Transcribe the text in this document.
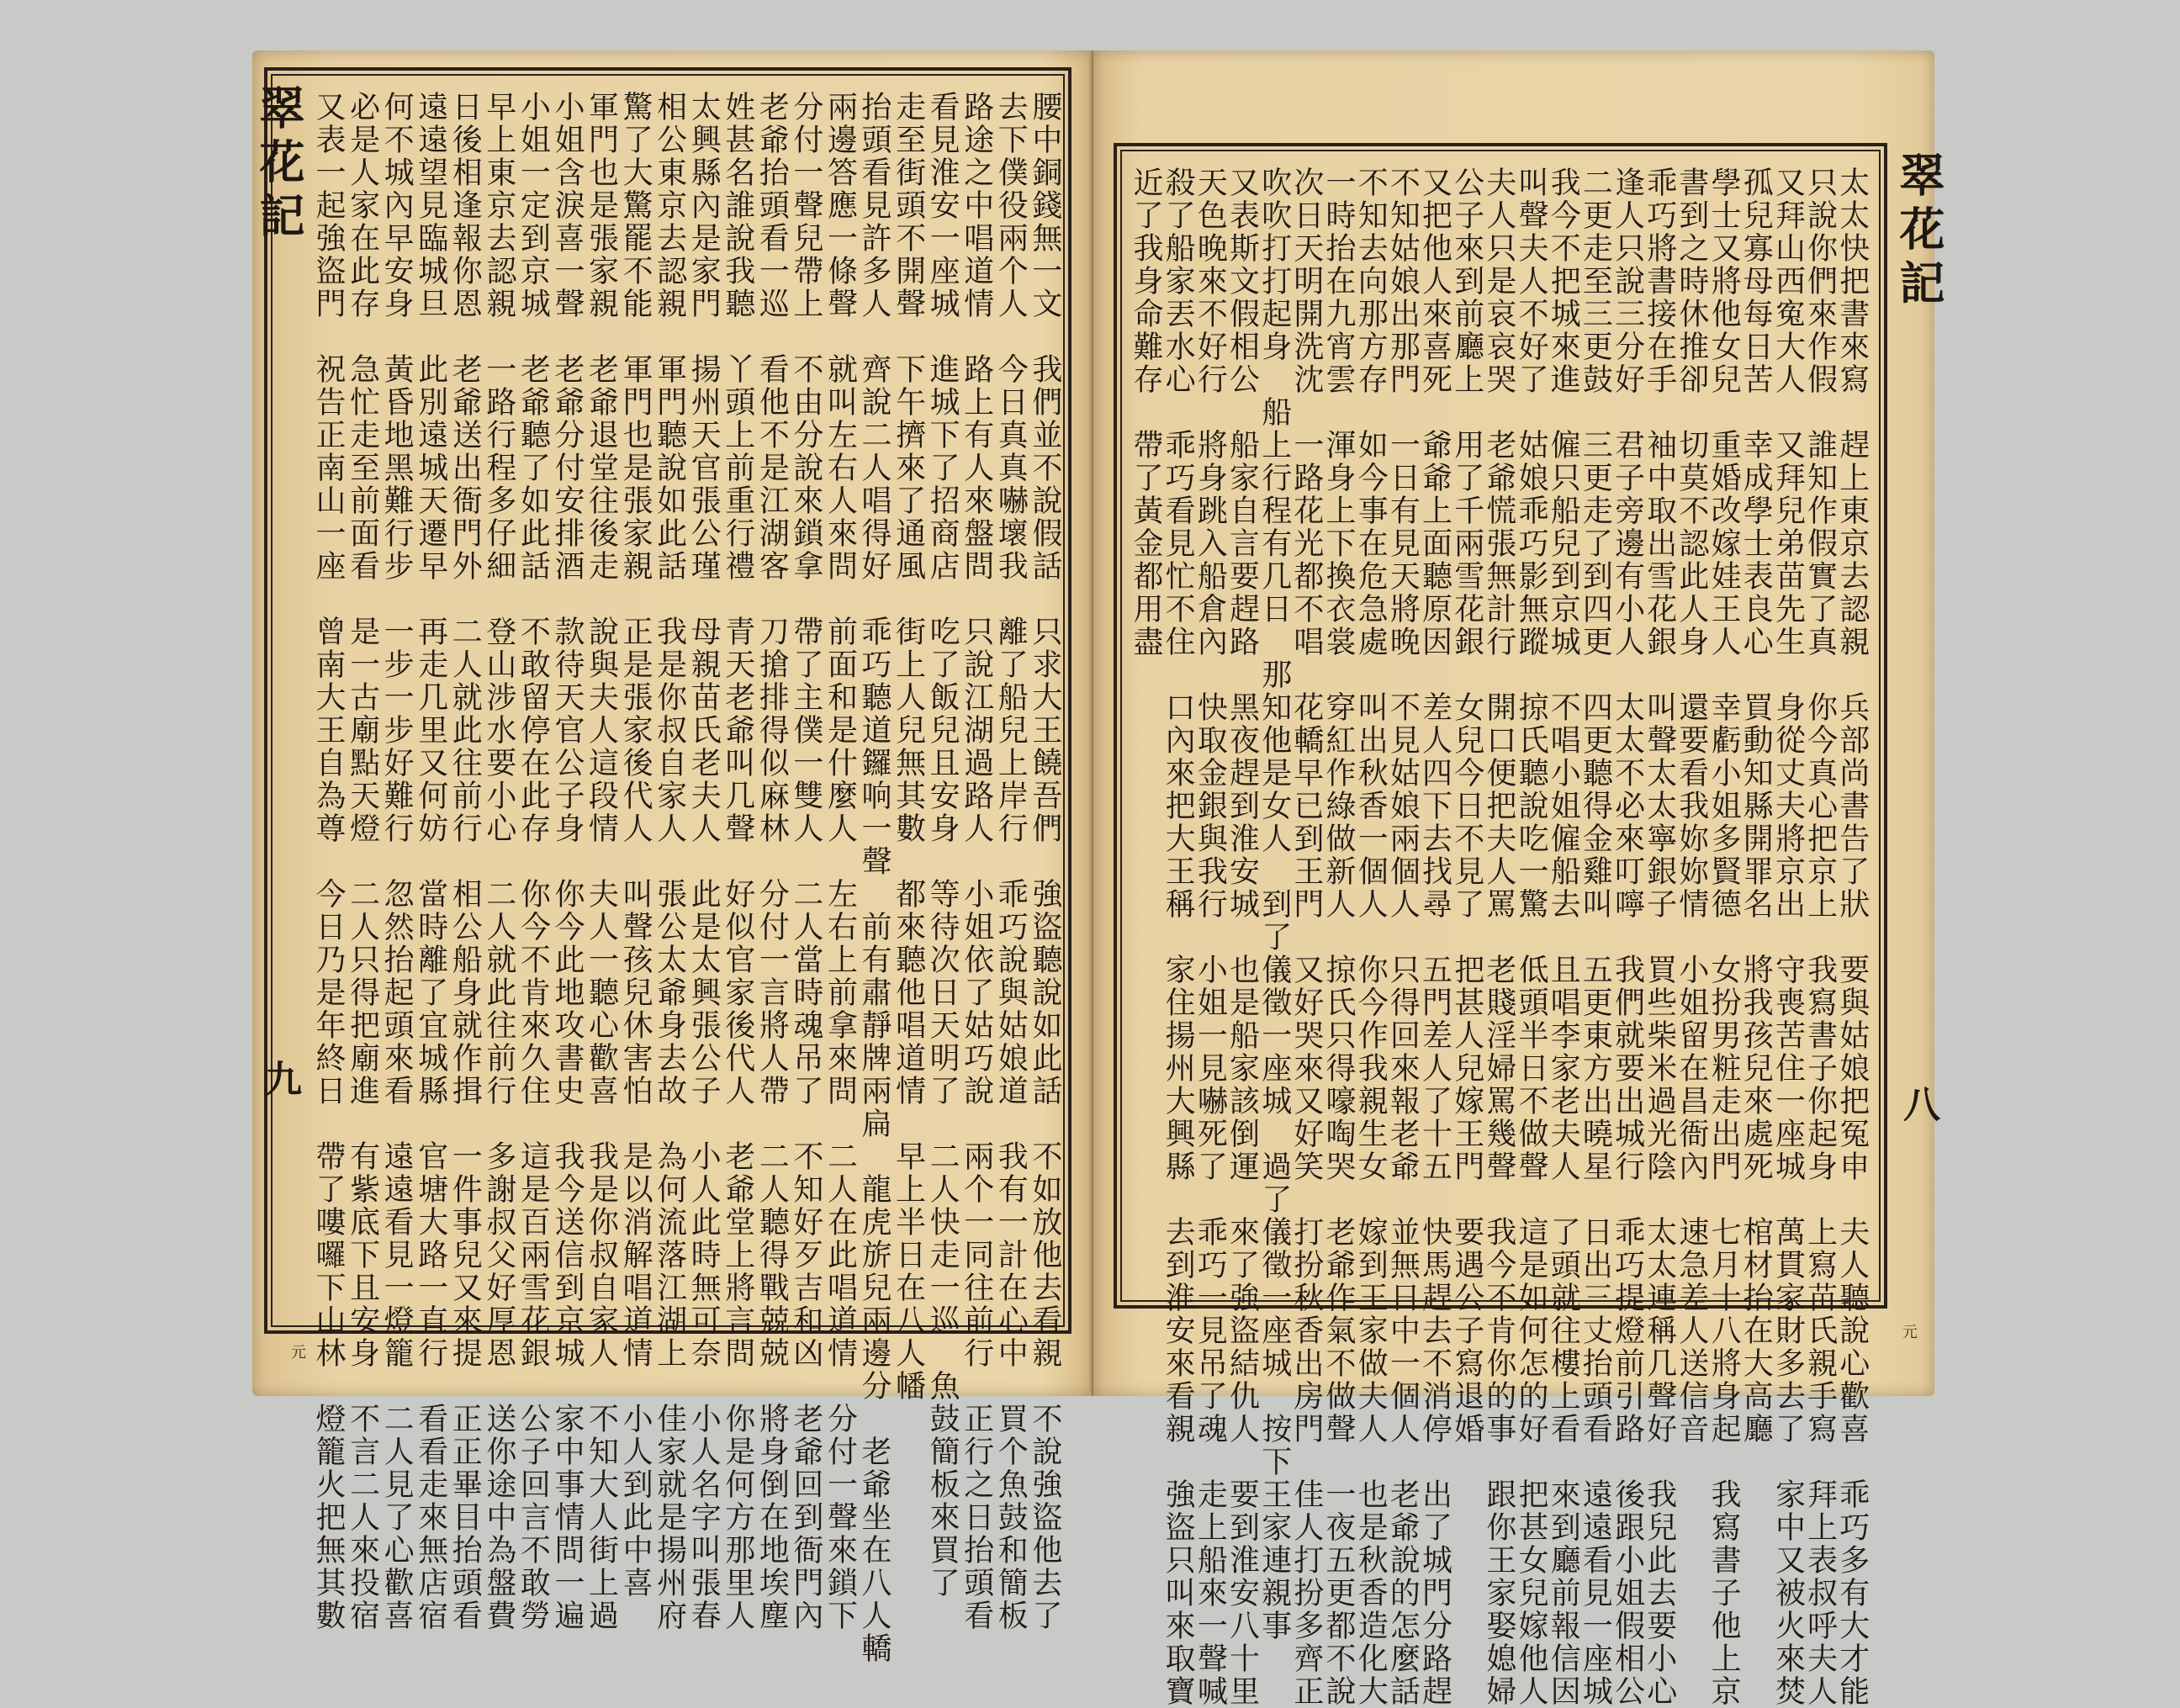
翠花記
九
元	腰中銅錢無一文　我們並不說假話　只求大王饒吾們　強盜聽說如此話　不如放他去看親　不說強盜他去了
去下僕役兩个人　今日真真嚇壞我　離了船兒上岸行　乖巧說與姑娘道　我有一計在心中　買个魚鼓和簡板
路途之中唱道情　路上有人來盤問　只說江湖過路人　小姐依了姑巧說　兩个一同往前行　正行之日抬頭看
看見淮安一座城　進城下了招商店　吃了飯兒且安身　等待次日天明了　二人快走一巡　魚鼓簡板來買了
走至街頭不開聲　下午擠來了通風　街上人兒無其數　都來聽他唱道情　早上半日在八人幡
抬頭看見許多人　齊說二人唱得好　乖巧聽道鑼响一聲　前有肅靜牌兩扁　龍虎旂兒兩邊分　老爺坐在八人轎
兩邊答應一條聲　就叫左右人來問　前面和是什麼人　左右上前拿來問　二人在此唱道情　分付一聲來鎖下
分付一聲兒帶上　不由分說來鎖拿　帶了主僕一雙人　二人當時魂吊了　不知好歹吉和凶　老爺回到衙門內
老爺抬頭看一巡　看他不是江湖客　刀搶排得似麻林　分付一言將人帶　二人聽得戰兢兢　將身倒在地埃塵
姓甚名誰說我聽　丫頭上前重行禮　青天老爺叫几聲　好似官家後代人　老爺堂上將言問　你是何方那里人
太興縣內是家門　揚州天官張公瑾　母親苗氏老夫人　此是太興張公子　小人此時無可奈　小人名字叫張春
相公東京去認親　軍門聽說如此話　我是你叔自家人　張公太爺身去故　為何流落江湖上　佳家就是揚州府
驚了大驚罷不能　軍門也是張家親　正是張家後代人　叫聲孩兒休害怕　是以消解唱道情　小人到此中喜
軍門也是張家親　老爺退堂往後走　說與夫人這段情　夫人一聽心歡喜　我是你叔自家人　不知大人街上過
小姐含淚喜一聲　老爺分付安排酒　款待天官公子身　你今此地攻書史　我今送信到京城　家中事情問一遍
小姐一定到京城　老爺聽了如此話　不敢留停在此存　你今不肯來久住　這是百兩雪花銀　公子回言不敢勞
早上東京去認親　一路行程多仔細　登山涉水要小心　二人就此往前行　多謝叔父好厚恩　送你途中為盤費
日後相逢報你恩　老爺送出衙門外　二人就此往前行　相公船身就作揖　一件事兒又來提　正正畢目抬頭看
遠遠望見臨城旦　此別遠城天遷早　再走几里又何妨　當時離了宜城縣　官塘大路一直行　看看走來無店宿
何不城內早安身　黃昏地黑難行步　一步一步好難行　忽然抬起頭來看　遠遠看見一燈籠　二人見了心歡喜
必是人家在此存　急忙走至前面看　是一古廟點天燈　二人只得把廟進　有紫底下且安身　不言二人來投宿
又表一起強盜門　祝告正南山一座　曾南大王自為尊　今日乃是年終日　帶了嘍囉下山林　燈籠火把無其數	翠花記
八
元
太太快把書來寫　趕上東京去認親　兵部尚書告了狀　要與姑娘把冤申　夫人聽說心歡喜　乖巧多有大才能
只說你們來作假　誰知作假實了真　你今真心把京上　我寫書子你起身　上寫苗氏親手寫　拜上表叔呼夫人
又拜山西寃大人　又拜兒弟苗先生　身從丈夫將京出　守喪苦住一座城　萬貫家財多去了　家中又被火來焚
孤兒寡母每日苦　幸成學士表良心　買動知縣開罪名　將我孩兒來處死　棺材抬在大高廳
學士又將他女兒　重婚改嫁娃王人　幸虧小姐多賢德　女扮男粧走出門　七月十八將身起　我寫書子他上京
書到之時休推卻　切莫不認此人身　還要看我妳妳情　小姐留在昌衙內　速急差人送信音
乖巧將書接在手　袖中取出雪花銀　叫聲太太寧銀子　買些柴米過光陰　太太連稱几聲好　我兒此去要小心
逢人只說三分好　君子旁邊有小人　太太不必來叮嚀　我們就要出城行　乖巧提燈前引路　後跟小姐假相公
二更走至三更鼓　三更走了到四更　四更聽得金雞叫　五更東方出曉星　日出三丈抬頭看　遠遠看見一座城
我今不把城來進　僱只船兒到京城　不唱小姐僱船去　且唱李家老夫人　了頭就往樓上看　來到廳前報信因
叫聲夫人不好了　姑娘乖巧影無蹤　掠氏聽說吃一驚　低頭半日不做聲　這是如何怎的好　把甚女兒嫁他人
夫人只是哀哀哭　老爺慌張無計行　開口便把夫人罵　老賤淫婦罵幾聲　我今不肯你的事　跟你王家娶媳婦
公子來到前廳上　用了千兩雪花銀　女兒今日不見了　把甚人兒嫁王門　要遇公子寫退婚
又把他人來喜死　爺爺上面聽原因　差人四下去找尋　五門差人了十五　快馬趕去不消停　出了城門分路趕
不知姑娘出那門　一日有見天將晚　不見姑娘兩個人　只得回來報老爺　並無日中一個人　老爺說的怎麼話
不知去向那方存　如今事在危急處　叫出秋香一個人　你今作我親生女　嫁到王家做夫人　也是秋香造化大
一時抬在九宵雲　渾身上下換衣裳　穿紅作綠做新人　掠氏只得嚎啕哭　老爺作氣不做聲　一夜五更都不說
次日天明開洗沈　一路花光都不唱　花轎早已到王門　又好哭來又好笑　打扮秋香出房門　佳人打扮多齊正
吹吹打打起身　船上行程有几日　那知他是女人　到了儀徵一座城　過了儀徵一座城　按下王家連親事
又表斯文假相公　船家自言要趕路　黑夜趕到淮安城　也是船家該倒運　來了強盜結仇人　要到淮安八十里
天色晚來不好行　將身跳入船倉內　快取金銀與我行　小姐一見嚇死了　乖巧一見吊了魂　走上船來一聲喊
殺了船家丟水心　乖巧看見忙不住　口內來把大王稱　家住揚州大興縣　去到淮安來看親　強盜只叫來取寶
近了我身命難存　帶了黃金都用盡
